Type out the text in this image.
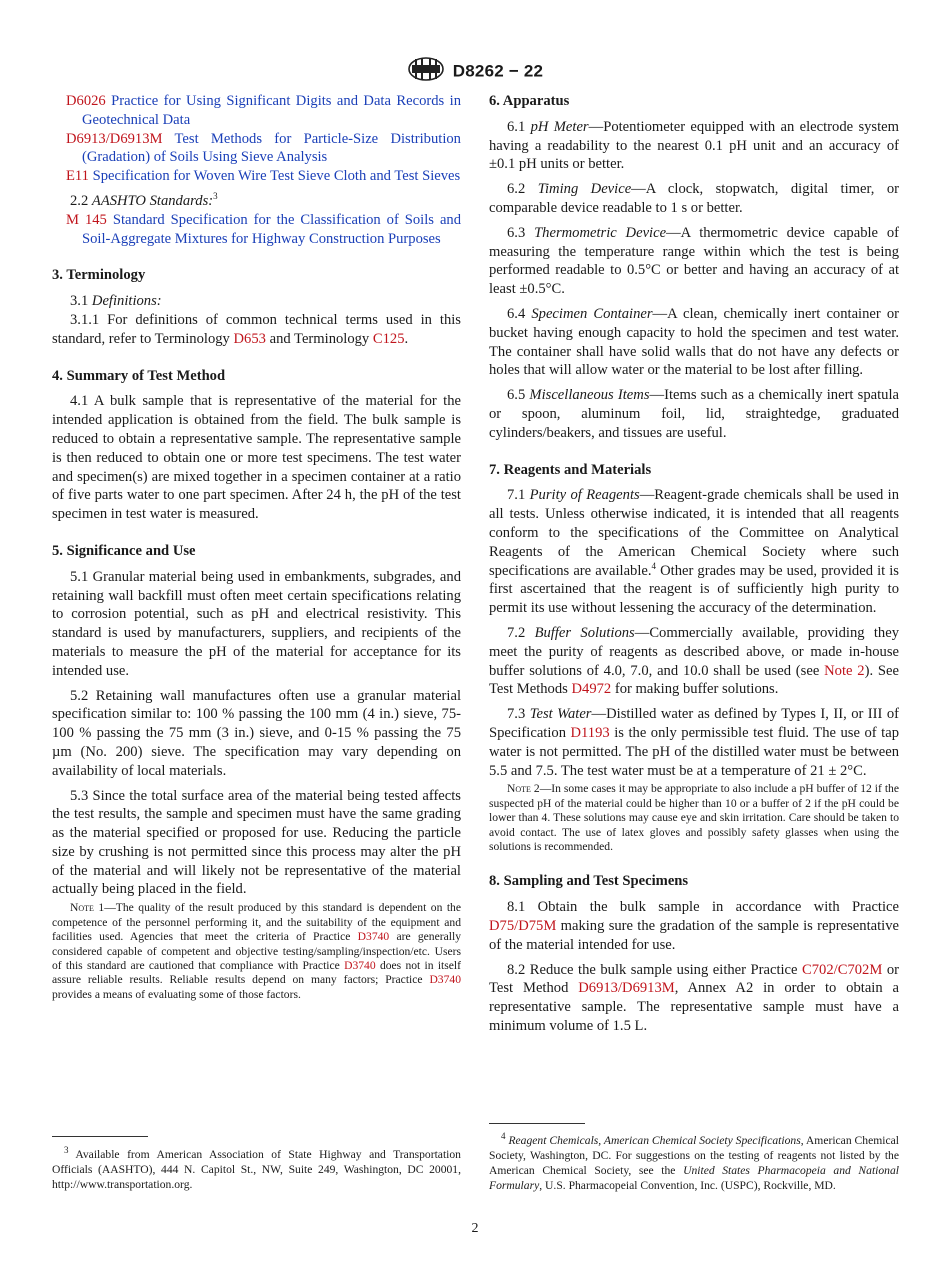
D8262 − 22

D6026 Practice for Using Significant Digits and Data Records in Geotechnical Data

D6913/D6913M Test Methods for Particle-Size Distribution (Gradation) of Soils Using Sieve Analysis

E11 Specification for Woven Wire Test Sieve Cloth and Test Sieves

2.2 AASHTO Standards:$^3$

M 145 Standard Specification for the Classification of Soils and Soil-Aggregate Mixtures for Highway Construction Purposes

3. Terminology

3.1 Definitions:

3.1.1 For definitions of common technical terms used in this standard, refer to Terminology D653 and Terminology C125.

4. Summary of Test Method

4.1 A bulk sample that is representative of the material for the intended application is obtained from the field. The bulk sample is reduced to obtain a representative sample. The representative sample is then reduced to obtain one or more test specimens. The test water and specimen(s) are mixed together in a specimen container at a ratio of five parts water to one part specimen. After 24 h, the pH of the test specimen in test water is measured.

5. Significance and Use

5.1 Granular material being used in embankments, subgrades, and retaining wall backfill must often meet certain specifications relating to corrosion potential, such as pH and electrical resistivity. This standard is used by manufacturers, suppliers, and recipients of the materials to measure the pH of the material for acceptance for its intended use.

5.2 Retaining wall manufactures often use a granular material specification similar to: 100 % passing the 100 mm (4 in.) sieve, 75-100 % passing the 75 mm (3 in.) sieve, and 0-15 % passing the 75 µm (No. 200) sieve. The specification may vary depending on availability of local materials.

5.3 Since the total surface area of the material being tested affects the test results, the sample and specimen must have the same grading as the material specified or proposed for use. Reducing the particle size by crushing is not permitted since this process may alter the pH of the material and will likely not be representative of the material actually being placed in the field.

Note 1—The quality of the result produced by this standard is dependent on the competence of the personnel performing it, and the suitability of the equipment and facilities used. Agencies that meet the criteria of Practice D3740 are generally considered capable of competent and objective testing/sampling/inspection/etc. Users of this standard are cautioned that compliance with Practice D3740 does not in itself assure reliable results. Reliable results depend on many factors; Practice D3740 provides a means of evaluating some of those factors.

$^3$ Available from American Association of State Highway and Transportation Officials (AASHTO), 444 N. Capitol St., NW, Suite 249, Washington, DC 20001, http://www.transportation.org.
6. Apparatus

6.1 pH Meter—Potentiometer equipped with an electrode system having a readability to the nearest 0.1 pH unit and an accuracy of ±0.1 pH units or better.

6.2 Timing Device—A clock, stopwatch, digital timer, or comparable device readable to 1 s or better.

6.3 Thermometric Device—A thermometric device capable of measuring the temperature range within which the test is being performed readable to 0.5°C or better and having an accuracy of at least ±0.5°C.

6.4 Specimen Container—A clean, chemically inert container or bucket having enough capacity to hold the specimen and test water. The container shall have solid walls that do not have any defects or holes that will allow water or the material to be lost after filling.

6.5 Miscellaneous Items—Items such as a chemically inert spatula or spoon, aluminum foil, lid, straightedge, graduated cylinders/beakers, and tissues are useful.

7. Reagents and Materials

7.1 Purity of Reagents—Reagent-grade chemicals shall be used in all tests. Unless otherwise indicated, it is intended that all reagents conform to the specifications of the Committee on Analytical Reagents of the American Chemical Society where such specifications are available.$^4$ Other grades may be used, provided it is first ascertained that the reagent is of sufficiently high purity to permit its use without lessening the accuracy of the determination.

7.2 Buffer Solutions—Commercially available, providing they meet the purity of reagents as described above, or made in-house buffer solutions of 4.0, 7.0, and 10.0 shall be used (see Note 2). See Test Methods D4972 for making buffer solutions.

7.3 Test Water—Distilled water as defined by Types I, II, or III of Specification D1193 is the only permissible test fluid. The use of tap water is not permitted. The pH of the distilled water must be between 5.5 and 7.5. The test water must be at a temperature of 21 ± 2°C.

Note 2—In some cases it may be appropriate to also include a pH buffer of 12 if the suspected pH of the material could be higher than 10 or a buffer of 2 if the pH could be lower than 4. These solutions may cause eye and skin irritation. Care should be taken to avoid contact. The use of latex gloves and possibly safety glasses when using the solutions is recommended.

8. Sampling and Test Specimens

8.1 Obtain the bulk sample in accordance with Practice D75/D75M making sure the gradation of the sample is representative of the material intended for use.

8.2 Reduce the bulk sample using either Practice C702/C702M or Test Method D6913/D6913M, Annex A2 in order to obtain a representative sample. The representative sample must have a minimum volume of 1.5 L.

$^4$ Reagent Chemicals, American Chemical Society Specifications, American Chemical Society, Washington, DC. For suggestions on the testing of reagents not listed by the American Chemical Society, see the United States Pharmacopeia and National Formulary, U.S. Pharmacopeial Convention, Inc. (USPC), Rockville, MD.
2
